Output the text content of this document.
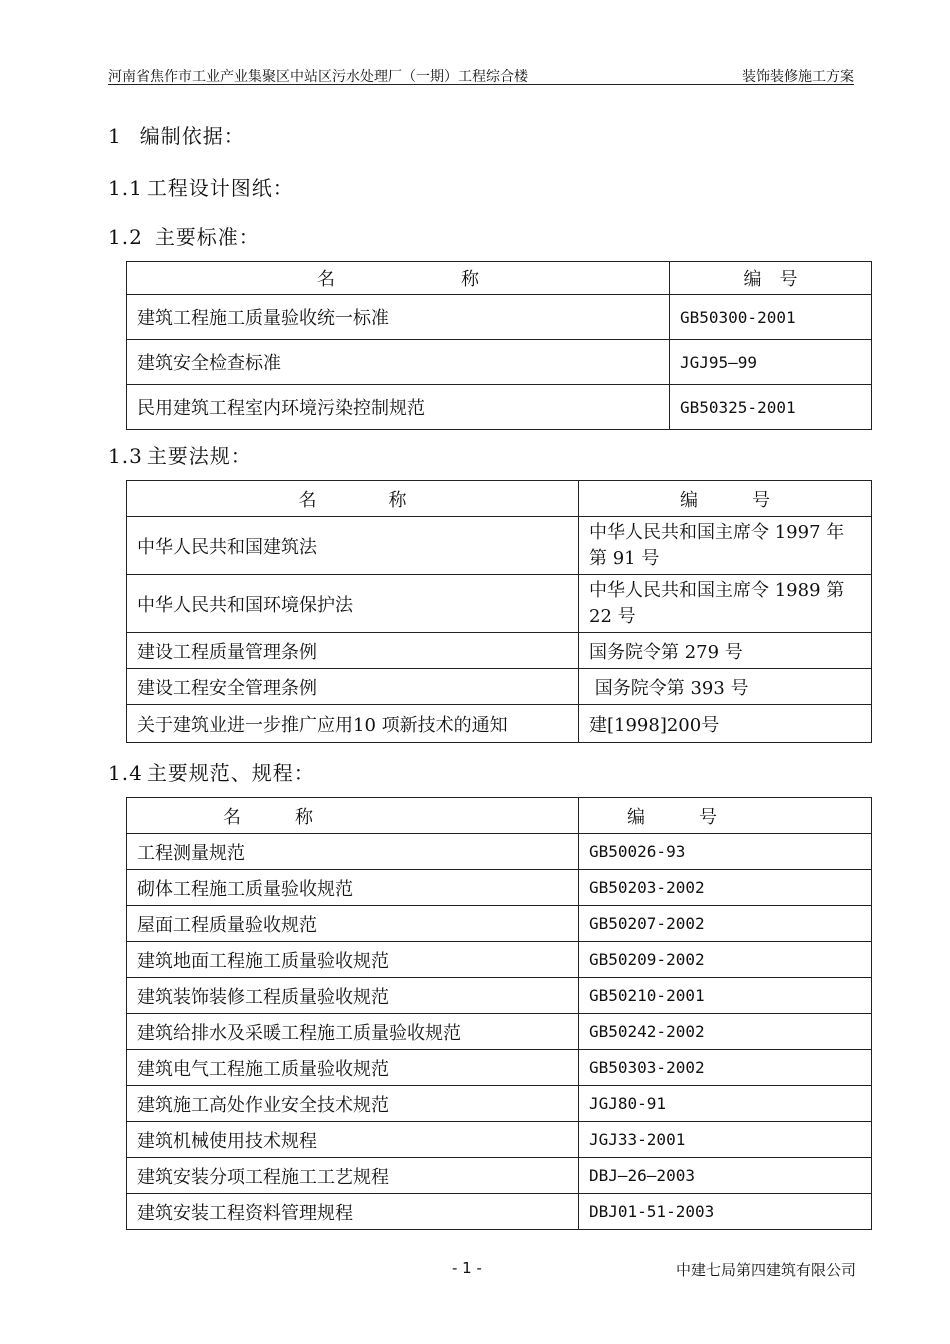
河南省焦作市工业产业集聚区中站区污水处理厂（一期）工程综合楼	装饰装修施工方案
1 编制依据：
1.1 工程设计图纸：
1.2 主要标准：
名　　　　　　　称	编　号
建筑工程施工质量验收统一标准	GB50300-2001
建筑安全检查标准	JGJ95—99
民用建筑工程室内环境污染控制规范	GB50325-2001
1.3 主要法规：
名　　　　称	编　　　号
中华人民共和国建筑法	中华人民共和国主席令 1997 年第 91 号
中华人民共和国环境保护法	中华人民共和国主席令 1989 第 22 号
建设工程质量管理条例	国务院令第 279 号
建设工程安全管理条例	国务院令第 393 号
关于建筑业进一步推广应用10 项新技术的通知	建[1998]200号
1.4 主要规范、规程：
名　　　称	编　　　号
工程测量规范	GB50026-93
砌体工程施工质量验收规范	GB50203-2002
屋面工程质量验收规范	GB50207-2002
建筑地面工程施工质量验收规范	GB50209-2002
建筑装饰装修工程质量验收规范	GB50210-2001
建筑给排水及采暖工程施工质量验收规范	GB50242-2002
建筑电气工程施工质量验收规范	GB50303-2002
建筑施工高处作业安全技术规范	JGJ80-91
建筑机械使用技术规程	JGJ33-2001
建筑安装分项工程施工工艺规程	DBJ—26—2003
建筑安装工程资料管理规程	DBJ01-51-2003
- 1 -	中建七局第四建筑有限公司
